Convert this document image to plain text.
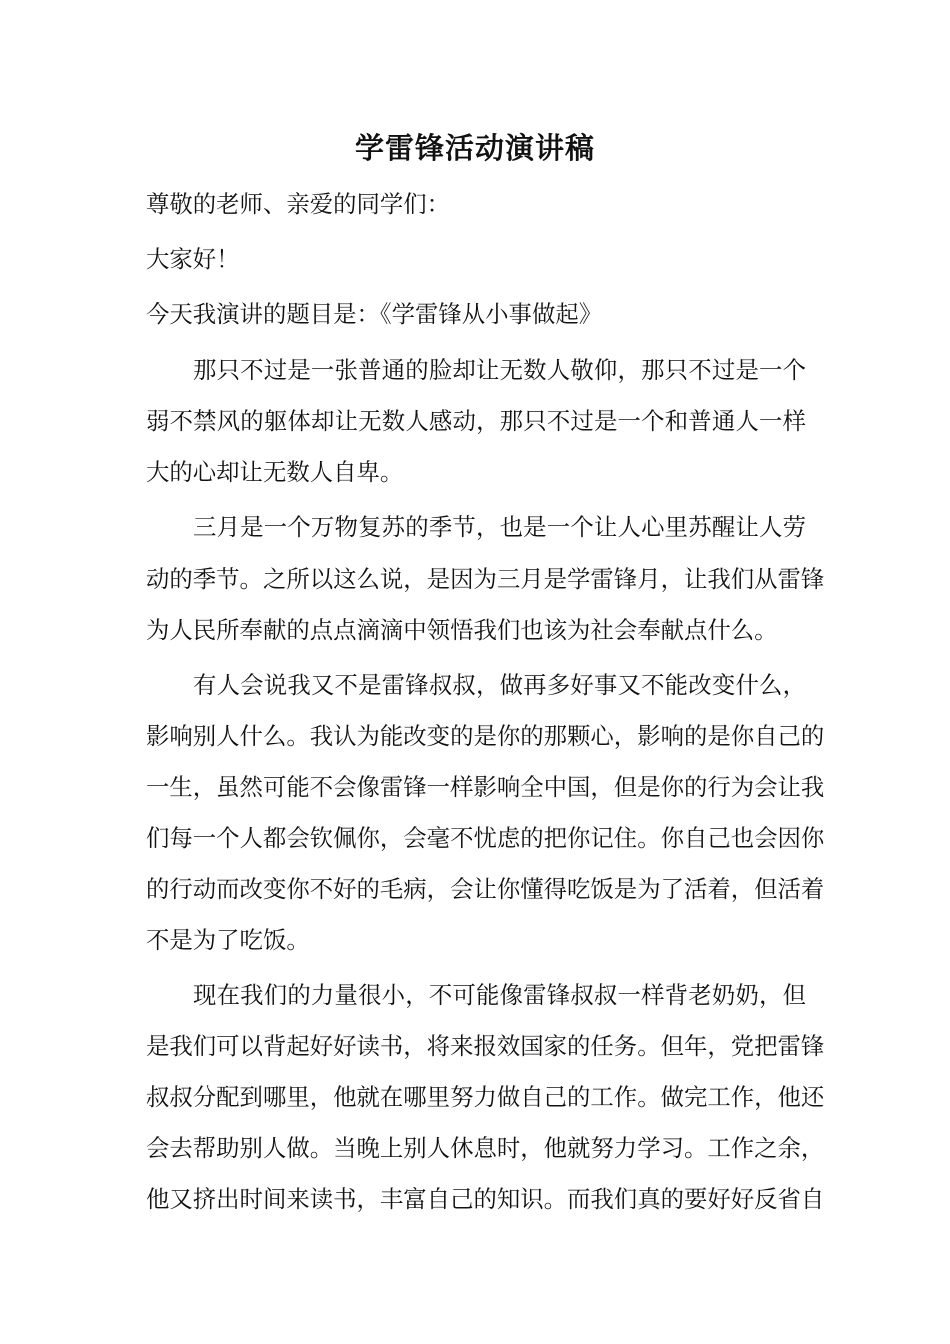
学雷锋活动演讲稿
尊敬的老师、亲爱的同学们：
大家好！
今天我演讲的题目是：《学雷锋从小事做起》
那只不过是一张普通的脸却让无数人敬仰，那只不过是一个
弱不禁风的躯体却让无数人感动，那只不过是一个和普通人一样
大的心却让无数人自卑。
三月是一个万物复苏的季节，也是一个让人心里苏醒让人劳
动的季节。之所以这么说，是因为三月是学雷锋月，让我们从雷锋
为人民所奉献的点点滴滴中领悟我们也该为社会奉献点什么。
有人会说我又不是雷锋叔叔，做再多好事又不能改变什么，
影响别人什么。我认为能改变的是你的那颗心，影响的是你自己的
一生，虽然可能不会像雷锋一样影响全中国，但是你的行为会让我
们每一个人都会钦佩你，会毫不忧虑的把你记住。你自己也会因你
的行动而改变你不好的毛病，会让你懂得吃饭是为了活着，但活着
不是为了吃饭。
现在我们的力量很小，不可能像雷锋叔叔一样背老奶奶，但
是我们可以背起好好读书，将来报效国家的任务。但年，党把雷锋
叔叔分配到哪里，他就在哪里努力做自己的工作。做完工作，他还
会去帮助别人做。当晚上别人休息时，他就努力学习。工作之余，
他又挤出时间来读书，丰富自己的知识。而我们真的要好好反省自
